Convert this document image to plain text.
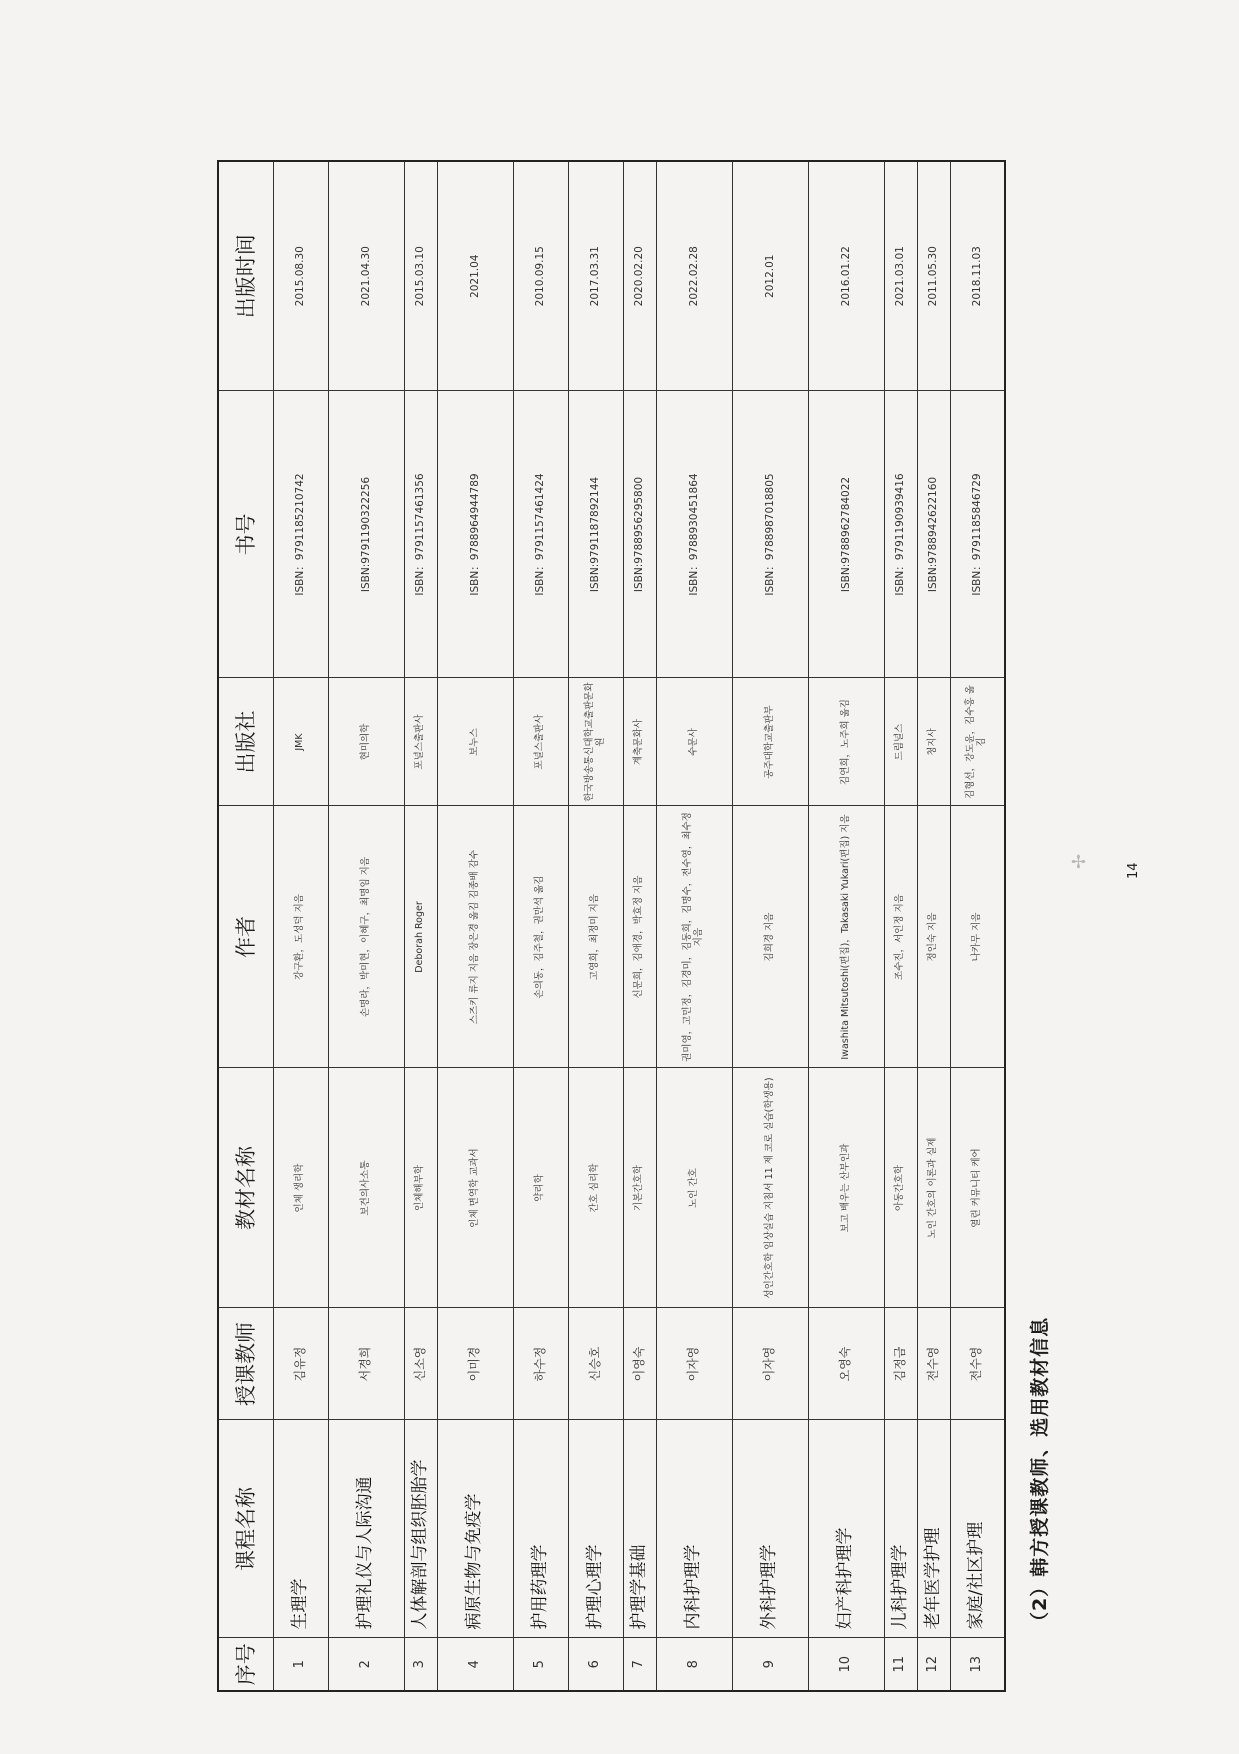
（2）韩方授课教师、选用教材信息
✢
序号	课程名称	授课教师	教材名称	作者	出版社	书号	出版时间
1	生理学	김유정	인체 생리학	강구환，도성덕 지음	JMK	ISBN：9791185210742	2015.08.30
2	护理礼仪与人际沟通	서경희	보건의사소통	손명라，박미현，이혜구，최명임 지음	현미의학	ISBN:9791190322256	2021.04.30
3	人体解剖与组织胚胎学	신소영	인체해부학	Deborah Roger	포널스출판사	ISBN：9791157461356	2015.03.10
4	病原生物与免疫学	이미경	인체 면역학 교과서	스즈키 류지 지음 장은경 옮김 김종배 감수	보누스	ISBN：9788964944789	2021.04
5	护用药理学	하수정	약리학	손의동，김주철，권만석 옮김	포널스출판사	ISBN：9791157461424	2010.09.15
6	护理心理学	신승호	간호 심리학	고영희，최정미 지음	한국방송통신대학교출판문화원	ISBN:9791187892144	2017.03.31
7	护理学基础	이영숙	기본간호학	신문희，김애경，박효정 지음	계축문화사	ISBN:9788956295800	2020.02.20
8	内科护理学	이자영	노인 간호	권미영，고민정，김경미，김동희，김명수，전수영，최수정 지음	수문사	ISBN：9788930451864	2022.02.28
9	外科护理学	이자영	성인간호학 임상실습 지침서 11 제 코로 실습(학생용)	김희경 지음	공주대학교출판부	ISBN：9788987018805	2012.01
10	妇产科护理学	오영숙	보고 배우는 산부인과	Iwashita Mitsutoshi(편집)，Takasaki Yukari(편집) 지음	김연희，노주희 옮김	ISBN:9788962784022	2016.01.22
11	儿科护理学	김정금	아동간호학	조수진，서인정 지음	드림널스	ISBN：9791190939416	2021.03.01
12	老年医学护理	전수영	노인 간호의 이론과 실제	정인숙 지음	청지사	ISBN:9788942622160	2011.05.30
13	家庭/社区护理	전수영	열린 커뮤니티 케어	나카무 지음	김형선，강도윤，김수홍 옮김	ISBN：9791185846729	2018.11.03
14
